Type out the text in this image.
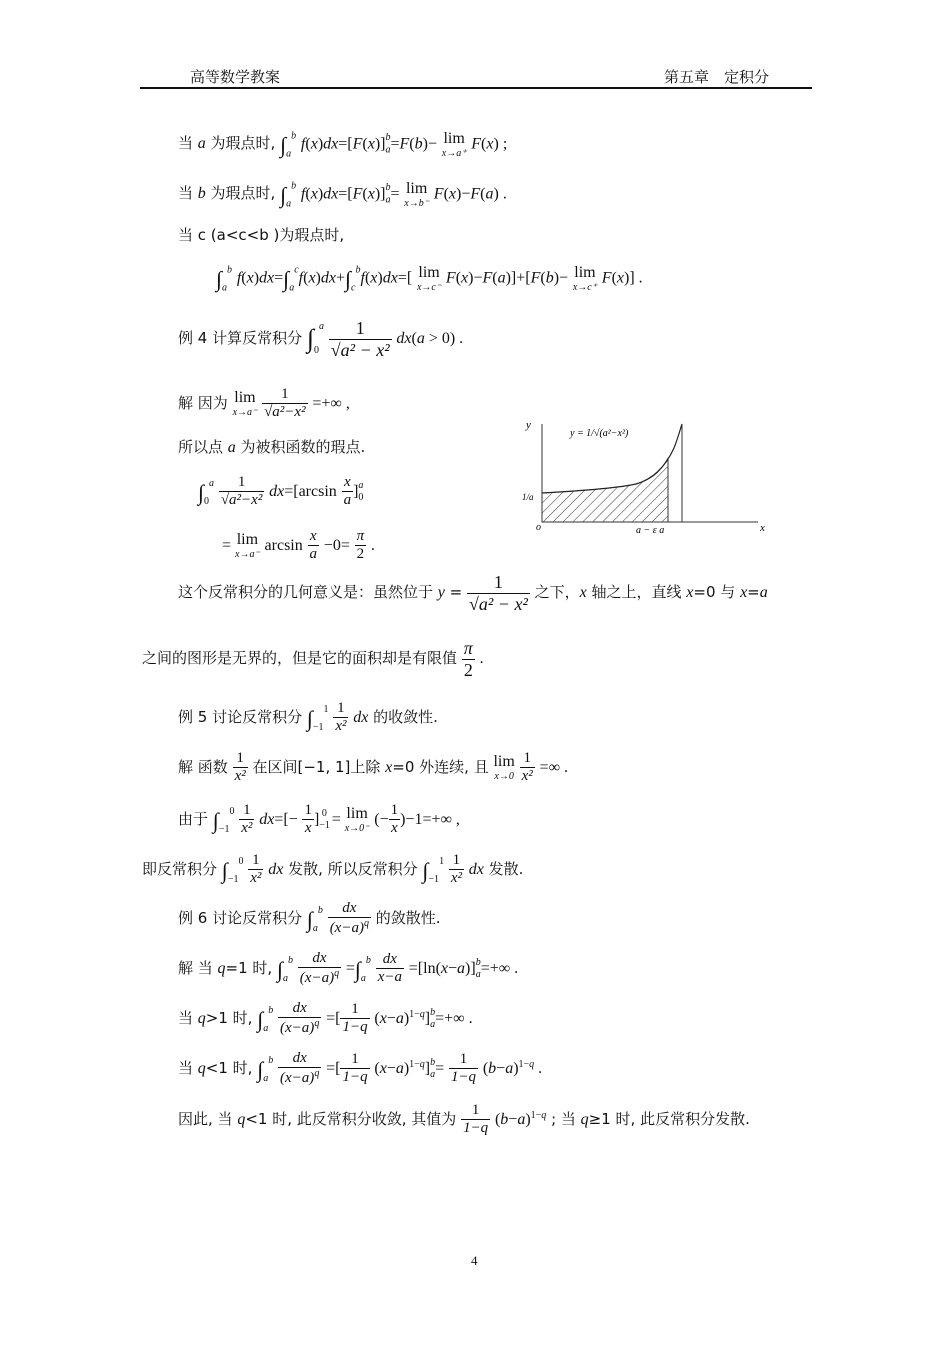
高等数学教案	第五章　定积分
当 a 为瑕点时, $\int_a^b$ $f(x)dx=[F(x)]_a^b=F(b)- \lim$
x→a⁺
F(x) ;
当 b 为瑕点时, $\int_a^b$ $f(x)dx=[F(x)]_a^b= \lim$
x→b⁻
F(x)−F(a) .
当 c (a<c<b )为瑕点时,
$\int_a^b$ $f(x)dx=\int_a^cf(x)dx+\int_c^bf(x)dx=$[ lim
x→c⁻
F(x)−F(a)]+[F(b)− lim
x→c⁺
F(x)] .
例 4 计算反常积分 $\int_0^a \frac{1}{\text{√a² − x²}} dx(a > 0)$ .
解 因为 lim
x→a⁻
$\frac{1}{\text{√a²−x²}}$ =+∞ ,
所以点 a 为被积函数的瑕点.
$\int_0^a \frac{1}{\text{√a²−x²}} dx=[\arcsin \frac{x}{a} ]_0^a$
= lim
x→a⁻
$\arcsin \frac{x}{a} -0= \frac{\pi}{2}$ .
y
x
o
y = 1/√(a²−x²)
1/a
a − ε a
这个反常积分的几何意义是：虽然位于 $y = \frac{1}{\text{√a² − x²}}$ 之下，x 轴之上，直线 x=0 与 x=a
之间的图形是无界的，但是它的面积却是有限值 $\frac{\pi}{2}$ .
例 5 讨论反常积分 $\int_{-1}^1 \frac{1}{\text{x²}}$ dx 的收敛性.
解 函数 $\frac{1}{\text{x²}}$ 在区间[−1, 1]上除 x=0 外连续, 且 lim
x→0
$\frac{1}{\text{x²}}$ =∞ .
由于 $\int_{-1}^0 \frac{1}{\text{x²}} dx=[- \frac{1}{x} ]_{-1}^0 = \lim$
x→0⁻
(− $\frac{1}{x} )-1=+\infty$ ,
即反常积分 $\int_{-1}^0 \frac{1}{\text{x²}}$ dx 发散, 所以反常积分 $\int_{-1}^1 \frac{1}{\text{x²}}$ dx 发散.
例 6 讨论反常积分 $\int_a^b \frac{dx}{(x-a)^q}$ 的敛散性.
解 当 q=1 时, $\int_a^b \frac{dx}{(x-a)^q} =\int_a^b \frac{dx}{x-a} =[\ln(x-a)]_a^b=+\infty$ .
当 q>1 时, $\int_a^b \frac{dx}{(x-a)^q}$ =[ $\frac{1}{1-q} (x-a)^{1-q}]_a^b=+\infty$ .
当 q<1 时, $\int_a^b \frac{dx}{(x-a)^q}$ =[ $\frac{1}{1-q} (x-a)^{1-q}]_a^b= \frac{1}{1-q} (b-a)^{1-q}$ .
因此, 当 q<1 时, 此反常积分收敛, 其值为 $\frac{1}{1-q} (b-a)^{1-q}$ ; 当 q≥1 时, 此反常积分发散.
4
